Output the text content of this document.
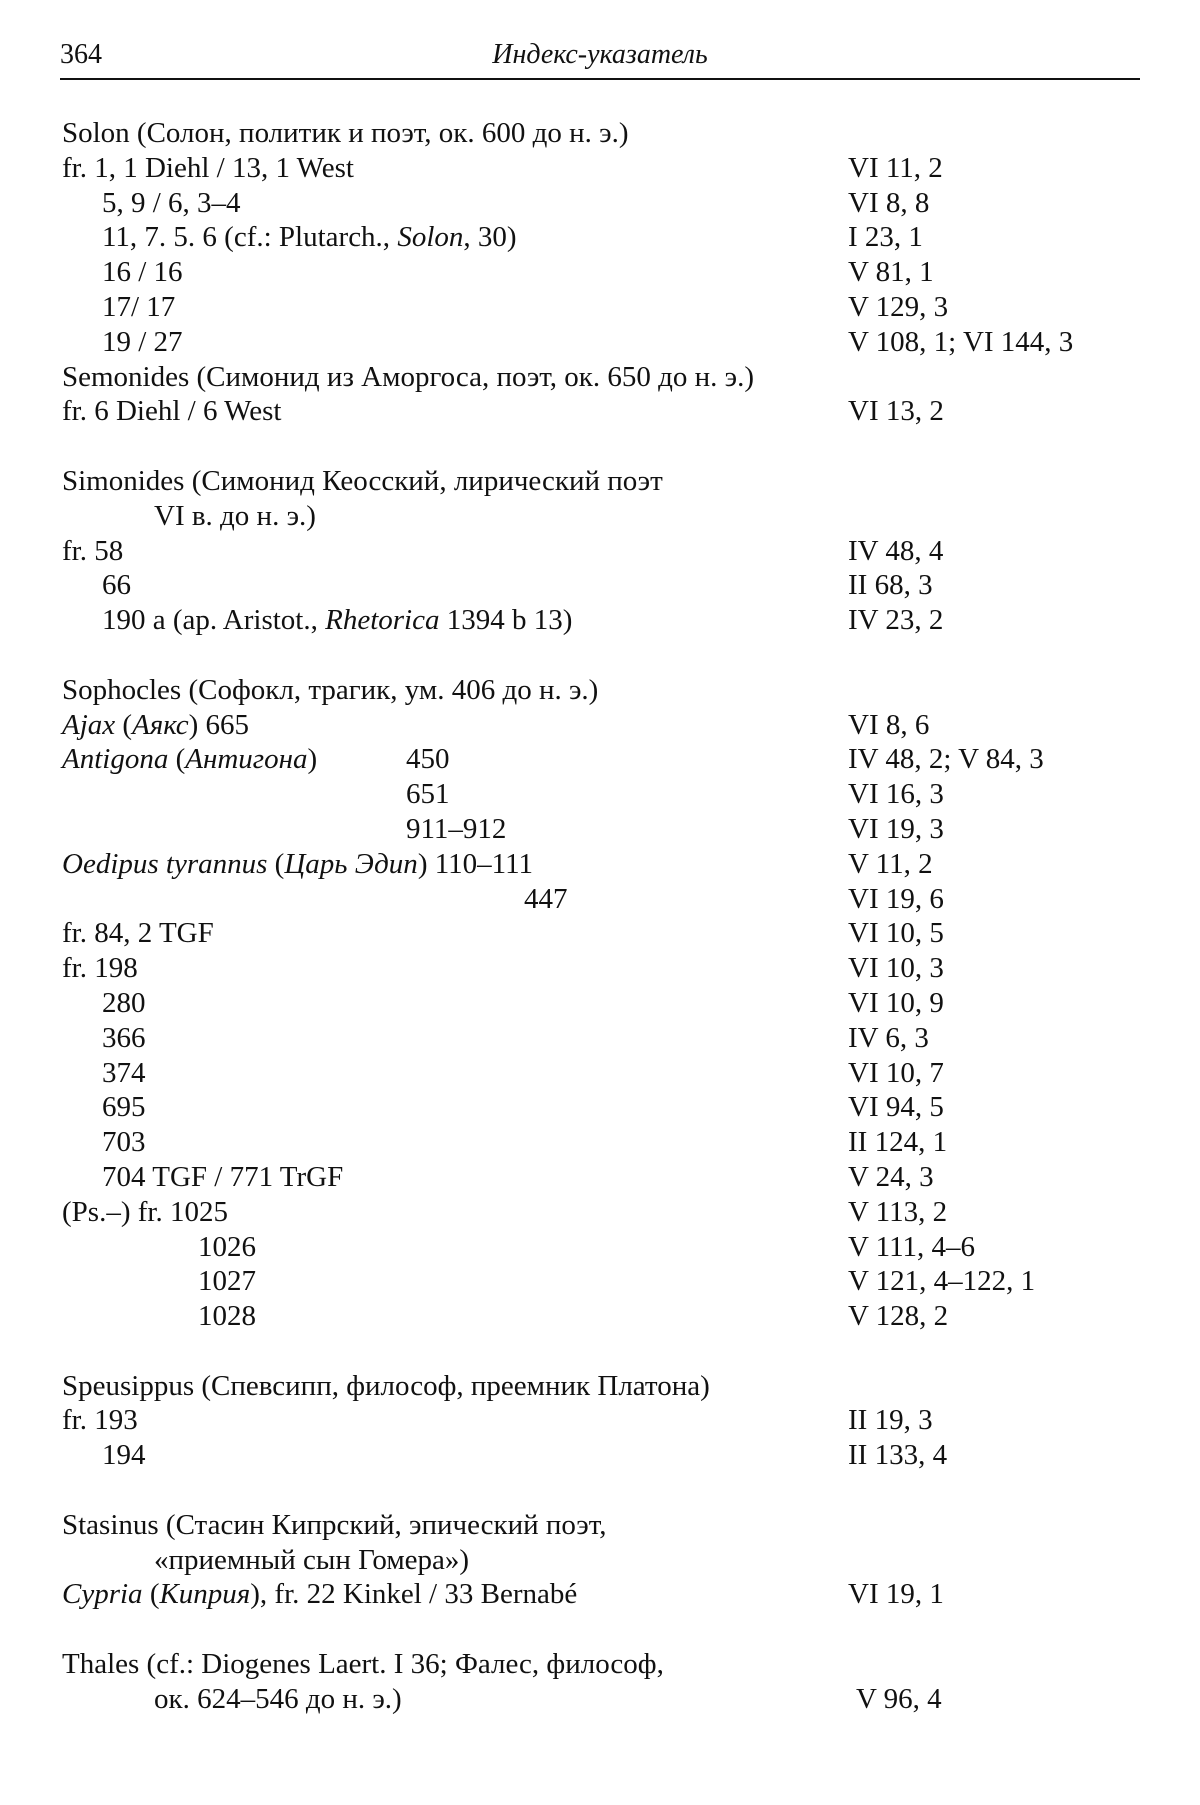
364	Индекс-указатель
Solon (Солон, политик и поэт, ок. 600 до н. э.)
fr. 1, 1 Diehl / 13, 1 West	VI 11, 2
5, 9 / 6, 3–4	VI 8, 8
11, 7. 5. 6 (cf.: Plutarch., Solon, 30)	I 23, 1
16 / 16	V 81, 1
17/ 17	V 129, 3
19 / 27	V 108, 1; VI 144, 3
Semonides (Симонид из Аморгоса, поэт, ок. 650 до н. э.)
fr. 6 Diehl / 6 West	VI 13, 2
Simonides (Симонид Кеосский, лирический поэт
VI в. до н. э.)
fr. 58	IV 48, 4
66	II 68, 3
190 a (ap. Aristot., Rhetorica 1394 b 13)	IV 23, 2
Sophocles (Софокл, трагик, ум. 406 до н. э.)
Ajax (Аякс) 665	VI 8, 6
Antigona (Антигона)	450	IV 48, 2; V 84, 3
651	VI 16, 3
911–912	VI 19, 3
Oedipus tyrannus (Царь Эдип) 110–111	V 11, 2
447	VI 19, 6
fr. 84, 2 TGF	VI 10, 5
fr. 198	VI 10, 3
280	VI 10, 9
366	IV 6, 3
374	VI 10, 7
695	VI 94, 5
703	II 124, 1
704 TGF / 771 TrGF	V 24, 3
(Ps.–) fr. 1025	V 113, 2
1026	V 111, 4–6
1027	V 121, 4–122, 1
1028	V 128, 2
Speusippus (Спевсипп, философ, преемник Платона)
fr. 193	II 19, 3
194	II 133, 4
Stasinus (Стасин Кипрский, эпический поэт,
«приемный сын Гомера»)
Cypria (Киприя), fr. 22 Kinkel / 33 Bernabé	VI 19, 1
Thales (cf.: Diogenes Laert. I 36; Фалес, философ,
ок. 624–546 до н. э.)	V 96, 4
